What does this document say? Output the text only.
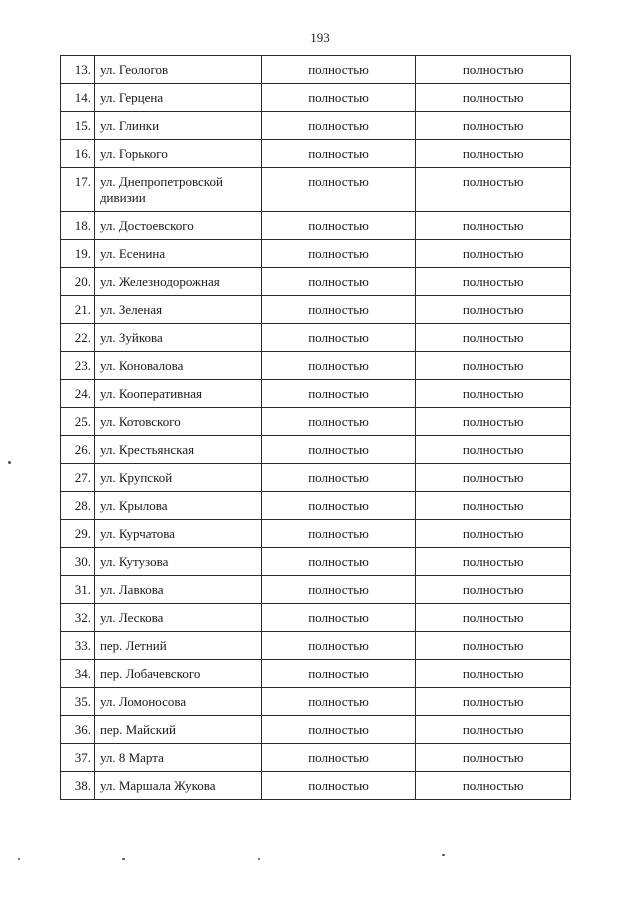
193
13.	ул. Геологов	полностью	полностью
14.	ул. Герцена	полностью	полностью
15.	ул. Глинки	полностью	полностью
16.	ул. Горького	полностью	полностью
17.	ул. Днепропетровской дивизии	полностью	полностью
18.	ул. Достоевского	полностью	полностью
19.	ул. Есенина	полностью	полностью
20.	ул. Железнодорожная	полностью	полностью
21.	ул. Зеленая	полностью	полностью
22.	ул. Зуйкова	полностью	полностью
23.	ул. Коновалова	полностью	полностью
24.	ул. Кооперативная	полностью	полностью
25.	ул. Котовского	полностью	полностью
26.	ул. Крестьянская	полностью	полностью
27.	ул. Крупской	полностью	полностью
28.	ул. Крылова	полностью	полностью
29.	ул. Курчатова	полностью	полностью
30.	ул. Кутузова	полностью	полностью
31.	ул. Лавкова	полностью	полностью
32.	ул. Лескова	полностью	полностью
33.	пер. Летний	полностью	полностью
34.	пер. Лобачевского	полностью	полностью
35.	ул. Ломоносова	полностью	полностью
36.	пер. Майский	полностью	полностью
37.	ул. 8 Марта	полностью	полностью
38.	ул. Маршала Жукова	полностью	полностью
